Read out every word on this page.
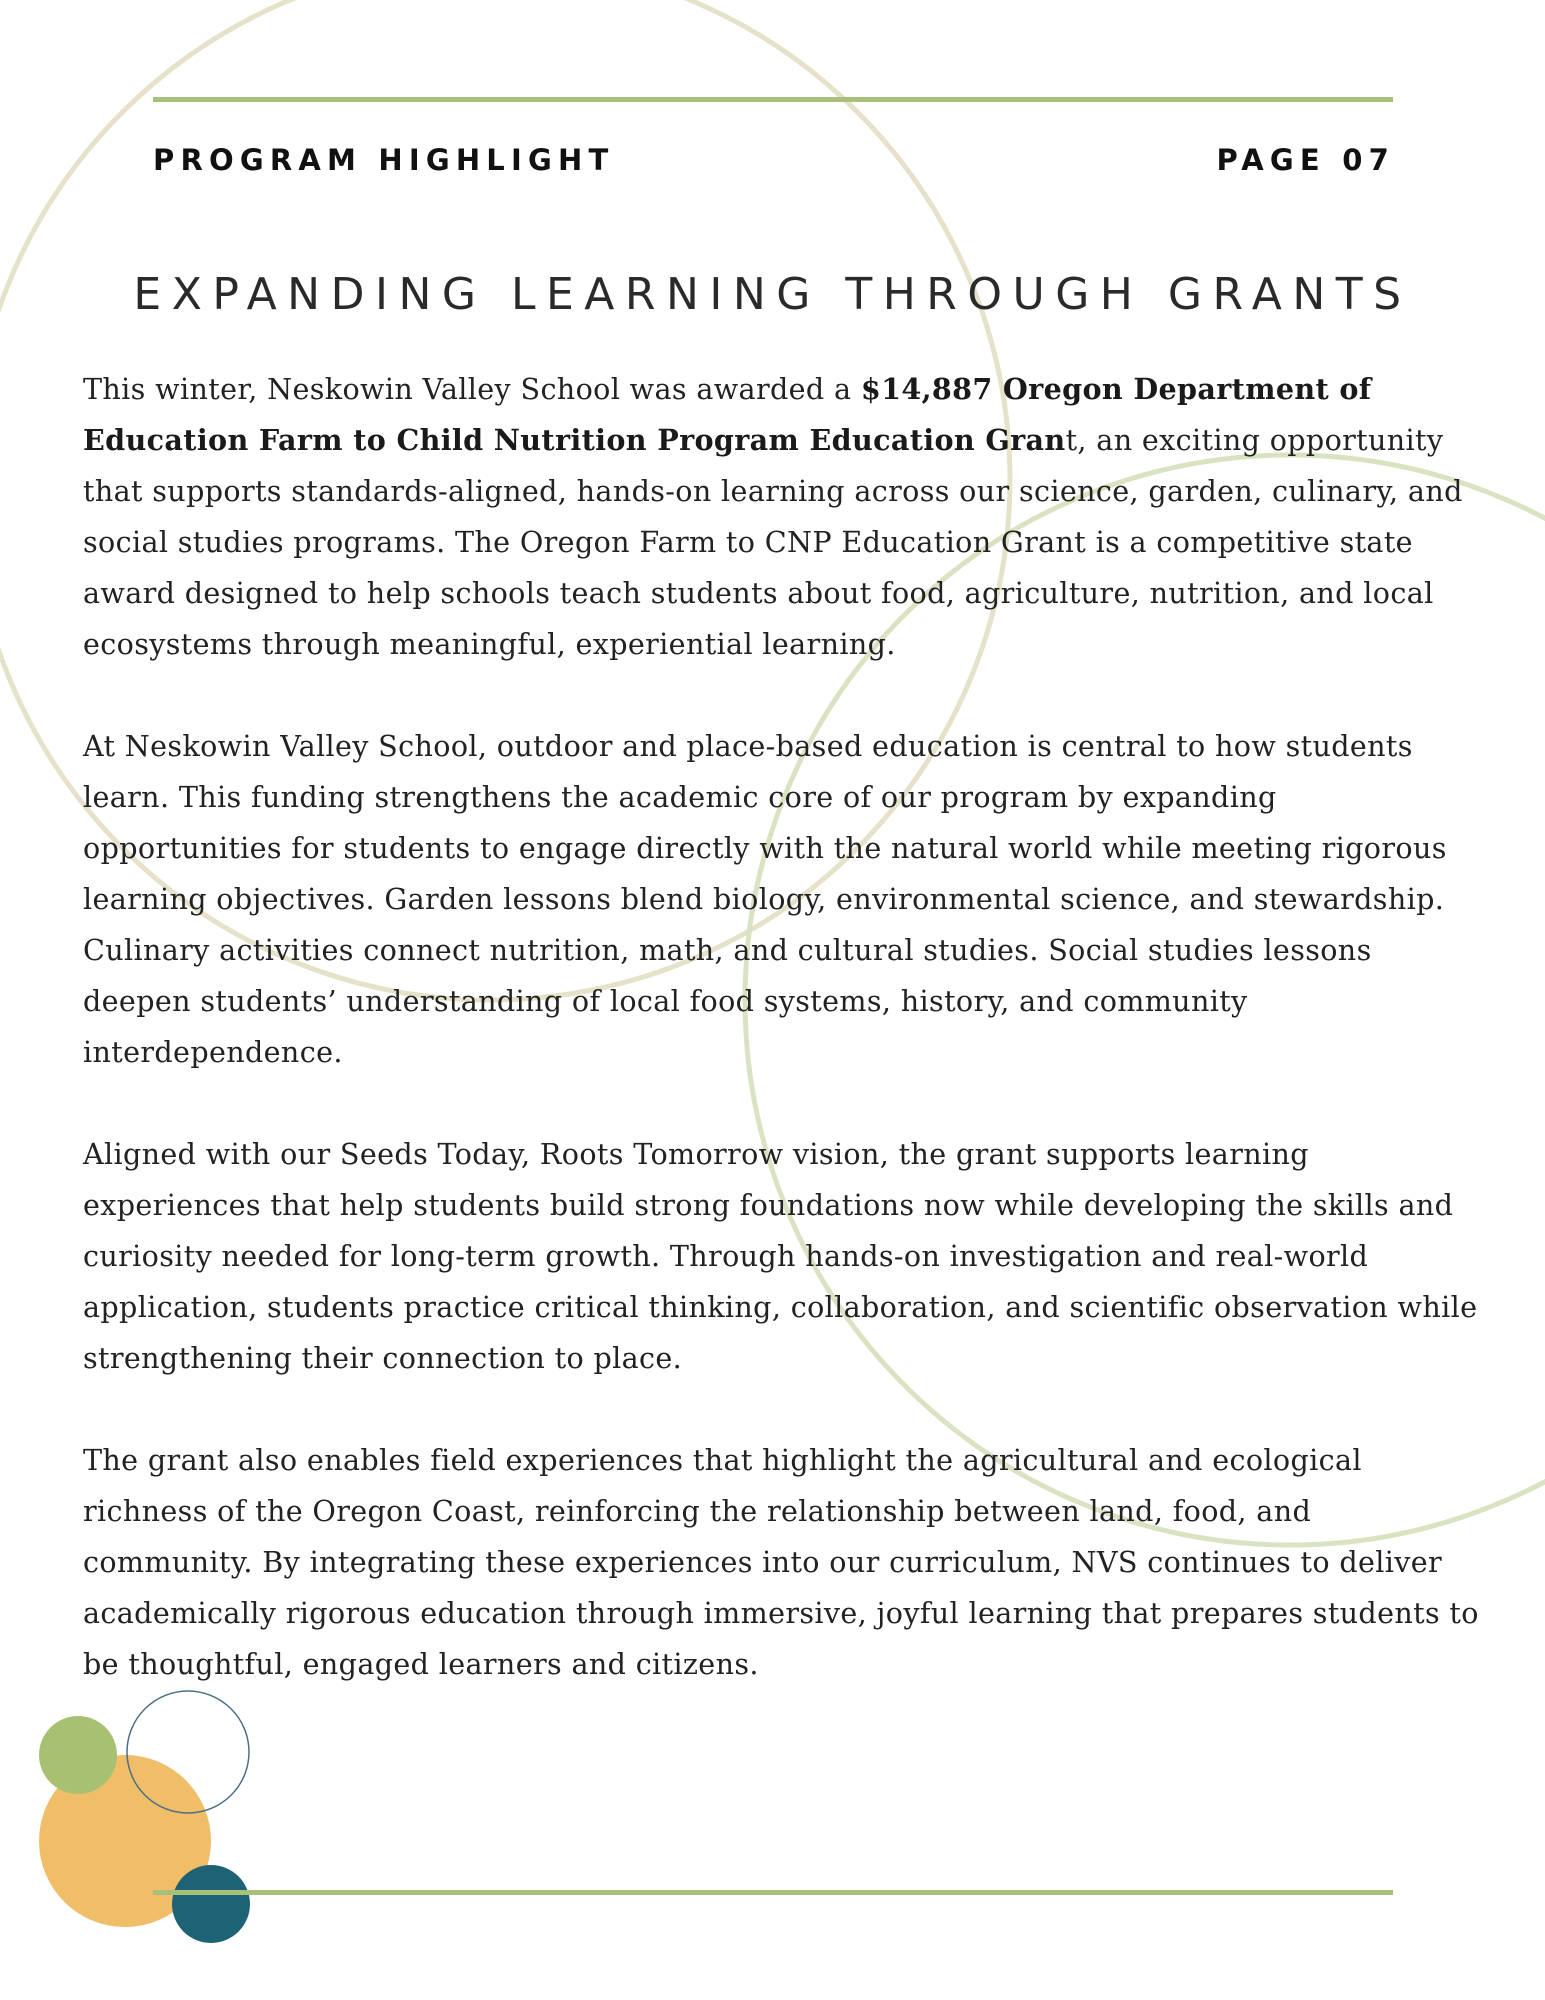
PROGRAM HIGHLIGHT	PAGE 07
EXPANDING LEARNING THROUGH GRANTS

This winter, Neskowin Valley School was awarded a $14,887 Oregon Department of Education Farm to Child Nutrition Program Education Grant, an exciting opportunity that supports standards-aligned, hands-on learning across our science, garden, culinary, and social studies programs. The Oregon Farm to CNP Education Grant is a competitive state award designed to help schools teach students about food, agriculture, nutrition, and local ecosystems through meaningful, experiential learning.

At Neskowin Valley School, outdoor and place-based education is central to how students learn. This funding strengthens the academic core of our program by expanding opportunities for students to engage directly with the natural world while meeting rigorous learning objectives. Garden lessons blend biology, environmental science, and stewardship. Culinary activities connect nutrition, math, and cultural studies. Social studies lessons deepen students’ understanding of local food systems, history, and community interdependence.

Aligned with our Seeds Today, Roots Tomorrow vision, the grant supports learning experiences that help students build strong foundations now while developing the skills and curiosity needed for long-term growth. Through hands-on investigation and real-world application, students practice critical thinking, collaboration, and scientific observation while strengthening their connection to place.

The grant also enables field experiences that highlight the agricultural and ecological richness of the Oregon Coast, reinforcing the relationship between land, food, and community. By integrating these experiences into our curriculum, NVS continues to deliver academically rigorous education through immersive, joyful learning that prepares students to be thoughtful, engaged learners and citizens.
